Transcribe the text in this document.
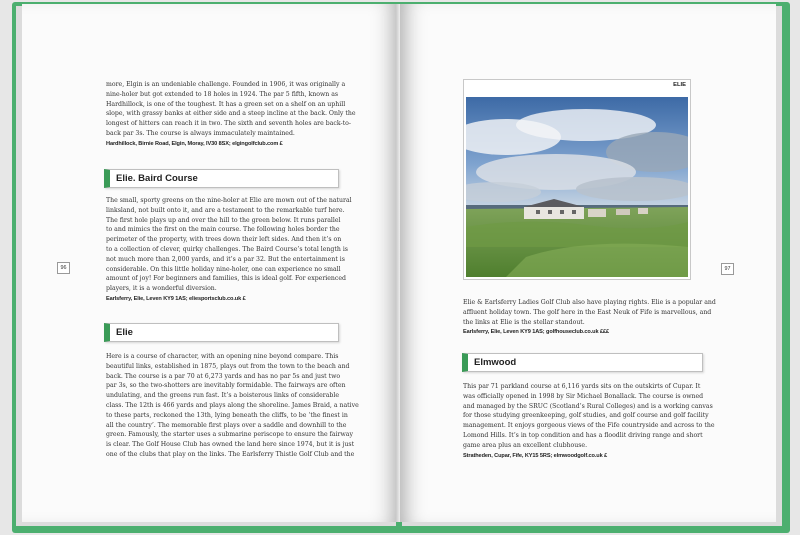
more, Elgin is an undeniable challenge. Founded in 1906, it was originally a

nine-holer but got extended to 18 holes in 1924. The par 5 fifth, known as

Hardhillock, is one of the toughest. It has a green set on a shelf on an uphill

slope, with grassy banks at either side and a steep incline at the back. Only the

longest of hitters can reach it in two. The sixth and seventh holes are back-to-

back par 3s. The course is always immaculately maintained.

Hardhillock, Birnie Road, Elgin, Moray, IV30 8SX; elgingolfclub.com £
Elie. Baird Course

The small, sporty greens on the nine-holer at Elie are mown out of the natural

linksland, not built onto it, and are a testament to the remarkable turf here.

The first hole plays up and over the hill to the green below. It runs parallel

to and mimics the first on the main course. The following holes border the

perimeter of the property, with trees down their left sides. And then it’s on

to a collection of clever, quirky challenges. The Baird Course’s total length is

not much more than 2,000 yards, and it’s a par 32. But the entertainment is

considerable. On this little holiday nine-holer, one can experience no small

amount of joy! For beginners and families, this is ideal golf. For experienced

players, it is a wonderful diversion.

Earlsferry, Elie, Leven KY9 1AS; eliesportsclub.co.uk £
96
Elie

Here is a course of character, with an opening nine beyond compare. This

beautiful links, established in 1875, plays out from the town to the beach and

back. The course is a par 70 at 6,273 yards and has no par 5s and just two

par 3s, so the two-shotters are inevitably formidable. The fairways are often

undulating, and the greens run fast. It’s a boisterous links of considerable

class. The 12th is 466 yards and plays along the shoreline. James Braid, a native

to these parts, reckoned the 13th, lying beneath the cliffs, to be ‘the finest in

all the country’. The memorable first plays over a saddle and downhill to the

green. Famously, the starter uses a submarine periscope to ensure the fairway

is clear. The Golf House Club has owned the land here since 1974, but it is just

one of the clubs that play on the links. The Earlsferry Thistle Golf Club and the

ELIE

Elie & Earlsferry Ladies Golf Club also have playing rights. Elie is a popular and

affluent holiday town. The golf here in the East Neuk of Fife is marvellous, and

the links at Elie is the stellar standout.

Earlsferry, Elie, Leven KY9 1AS; golfhouseclub.co.uk £££
97
Elmwood

This par 71 parkland course at 6,116 yards sits on the outskirts of Cupar. It

was officially opened in 1998 by Sir Michael Bonallack. The course is owned

and managed by the SRUC (Scotland’s Rural Colleges) and is a working canvas

for those studying greenkeeping, golf studies, and golf course and golf facility

management. It enjoys gorgeous views of the Fife countryside and across to the

Lomond Hills. It’s in top condition and has a floodlit driving range and short

game area plus an excellent clubhouse.

Stratheden, Cupar, Fife, KY15 5RS; elmwoodgolf.co.uk £
